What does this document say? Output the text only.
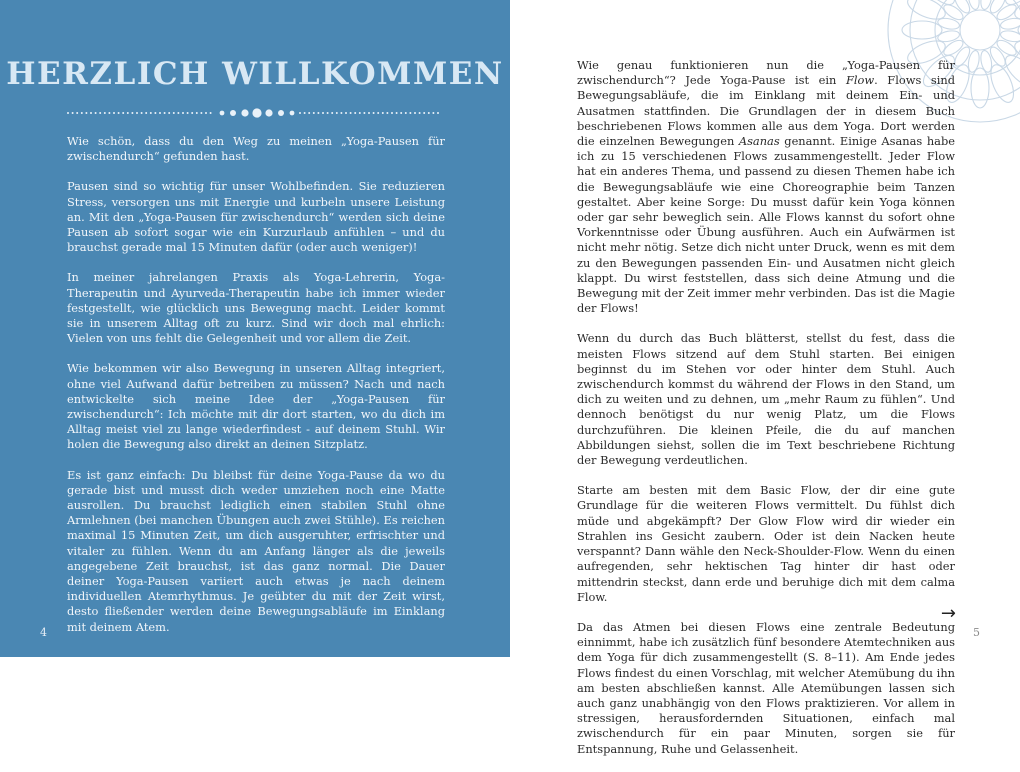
HERZLICH WILLKOMMEN

Wie schön, dass du den Weg zu meinen „Yoga-Pausen für zwischendurch“ gefunden hast.

Pausen sind so wichtig für unser Wohlbefinden. Sie reduzieren Stress, versorgen uns mit Energie und kurbeln unsere Leistung an. Mit den „Yoga-Pausen für zwischendurch“ werden sich deine Pausen ab sofort sogar wie ein Kurzurlaub anfühlen – und du brauchst gerade mal 15 Minuten dafür (oder auch weniger)!

In meiner jahrelangen Praxis als Yoga-Lehrerin, Yoga-Therapeutin und Ayurveda-Therapeutin habe ich immer wieder festgestellt, wie glücklich uns Bewegung macht. Leider kommt sie in unserem Alltag oft zu kurz. Sind wir doch mal ehrlich: Vielen von uns fehlt die Gelegenheit und vor allem die Zeit.

Wie bekommen wir also Bewegung in unseren Alltag integriert, ohne viel Aufwand dafür betreiben zu müssen? Nach und nach entwickelte sich meine Idee der „Yoga-Pausen für zwischendurch“: Ich möchte mit dir dort starten, wo du dich im Alltag meist viel zu lange wiederfindest - auf deinem Stuhl. Wir holen die Bewegung also direkt an deinen Sitzplatz.

Es ist ganz einfach: Du bleibst für deine Yoga-Pause da wo du gerade bist und musst dich weder umziehen noch eine Matte ausrollen. Du brauchst lediglich einen stabilen Stuhl ohne Armlehnen (bei manchen Übungen auch zwei Stühle). Es reichen maximal 15 Minuten Zeit, um dich ausgeruhter, erfrischter und vitaler zu fühlen. Wenn du am Anfang länger als die jeweils angegebene Zeit brauchst, ist das ganz normal. Die Dauer deiner Yoga-Pausen variiert auch etwas je nach deinem individuellen Atemrhythmus. Je geübter du mit der Zeit wirst, desto fließender werden deine Bewegungsabläufe im Einklang mit deinem Atem.

4

Wie genau funktionieren nun die „Yoga-Pausen für zwischendurch“? Jede Yoga-Pause ist ein Flow. Flows sind Bewegungsabläufe, die im Einklang mit deinem Ein- und Ausatmen stattfinden. Die Grundlagen der in diesem Buch beschriebenen Flows kommen alle aus dem Yoga. Dort werden die einzelnen Bewegungen Asanas genannt. Einige Asanas habe ich zu 15 verschiedenen Flows zusammengestellt. Jeder Flow hat ein anderes Thema, und passend zu diesen Themen habe ich die Bewegungsabläufe wie eine Choreographie beim Tanzen gestaltet. Aber keine Sorge: Du musst dafür kein Yoga können oder gar sehr beweglich sein. Alle Flows kannst du sofort ohne Vorkenntnisse oder Übung ausführen. Auch ein Aufwärmen ist nicht mehr nötig. Setze dich nicht unter Druck, wenn es mit dem zu den Bewegungen passenden Ein- und Ausatmen nicht gleich klappt. Du wirst feststellen, dass sich deine Atmung und die Bewegung mit der Zeit immer mehr verbinden. Das ist die Magie der Flows!

Wenn du durch das Buch blätterst, stellst du fest, dass die meisten Flows sitzend auf dem Stuhl starten. Bei einigen beginnst du im Stehen vor oder hinter dem Stuhl. Auch zwischendurch kommst du während der Flows in den Stand, um dich zu weiten und zu dehnen, um „mehr Raum zu fühlen“. Und dennoch benötigst du nur wenig Platz, um die Flows durchzuführen. Die kleinen Pfeile, die du auf manchen Abbildungen siehst, sollen die im Text beschriebene Richtung der Bewegung verdeutlichen.

Starte am besten mit dem Basic Flow, der dir eine gute Grundlage für die weiteren Flows vermittelt. Du fühlst dich müde und abgekämpft? Der Glow Flow wird dir wieder ein Strahlen ins Gesicht zaubern. Oder ist dein Nacken heute verspannt? Dann wähle den Neck-Shoulder-Flow. Wenn du einen aufregenden, sehr hektischen Tag hinter dir hast oder mittendrin steckst, dann erde und beruhige dich mit dem calma Flow.

Da das Atmen bei diesen Flows eine zentrale Bedeutung einnimmt, habe ich zusätzlich fünf besondere Atemtechniken aus dem Yoga für dich zusammengestellt (S. 8–11). Am Ende jedes Flows findest du einen Vorschlag, mit welcher Atemübung du ihn am besten abschließen kannst. Alle Atemübungen lassen sich auch ganz unabhängig von den Flows praktizieren. Vor allem in stressigen, herausfordernden Situationen, einfach mal zwischendurch für ein paar Minuten, sorgen sie für Entspannung, Ruhe und Gelassenheit.

→
5
